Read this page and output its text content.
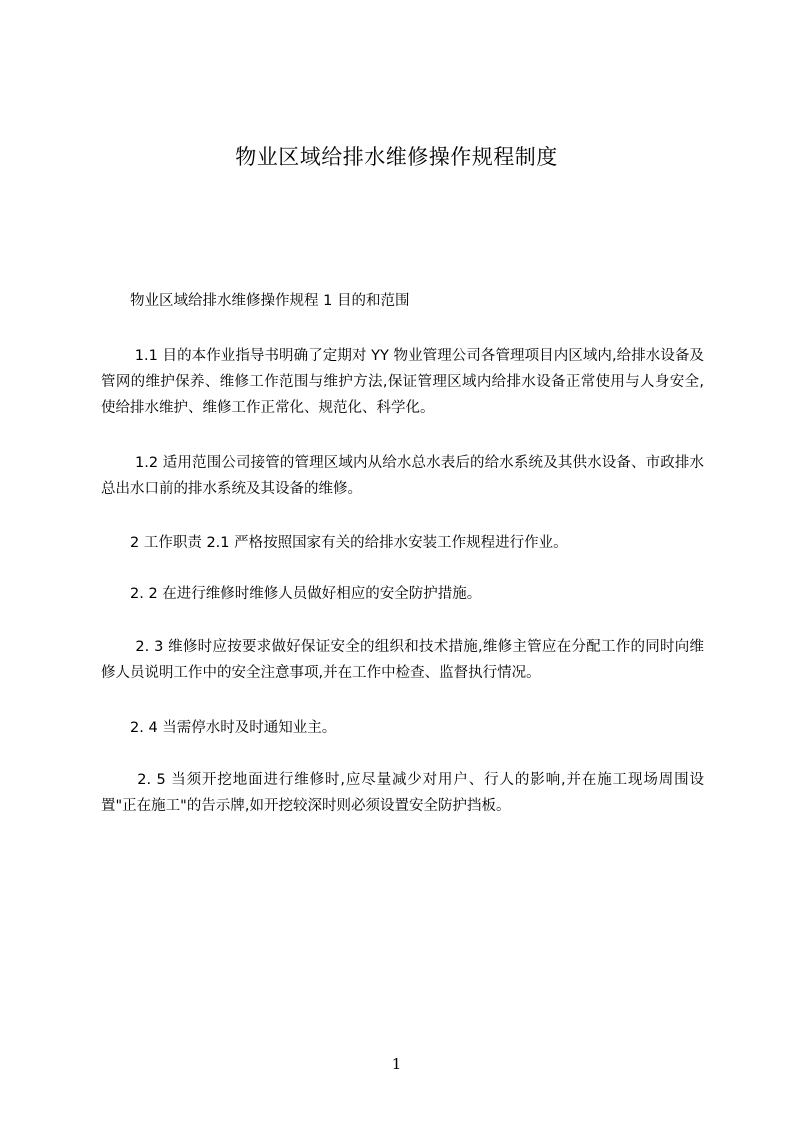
物业区域给排水维修操作规程制度

　　物业区域给排水维修操作规程 1 目的和范围

　　 1.1 目的本作业指导书明确了定期对 YY 物业管理公司各管理项目内区域内,给排水设备及管网的维护保养、维修工作范围与维护方法,保证管理区域内给排水设备正常使用与人身安全,使给排水维护、维修工作正常化、规范化、科学化。

　　 1.2 适用范围公司接管的管理区域内从给水总水表后的给水系统及其供水设备、市政排水总出水口前的排水系统及其设备的维修。

　　2 工作职责 2.1 严格按照国家有关的给排水安装工作规程进行作业。

　　2. 2 在进行维修时维修人员做好相应的安全防护措施。

　　 2. 3 维修时应按要求做好保证安全的组织和技术措施,维修主管应在分配工作的同时向维修人员说明工作中的安全注意事项,并在工作中检查、监督执行情况。

　　2. 4 当需停水时及时通知业主。

　　 2. 5 当须开挖地面进行维修时,应尽量减少对用户、行人的影响,并在施工现场周围设置"正在施工"的告示牌,如开挖较深时则必须设置安全防护挡板。

1
